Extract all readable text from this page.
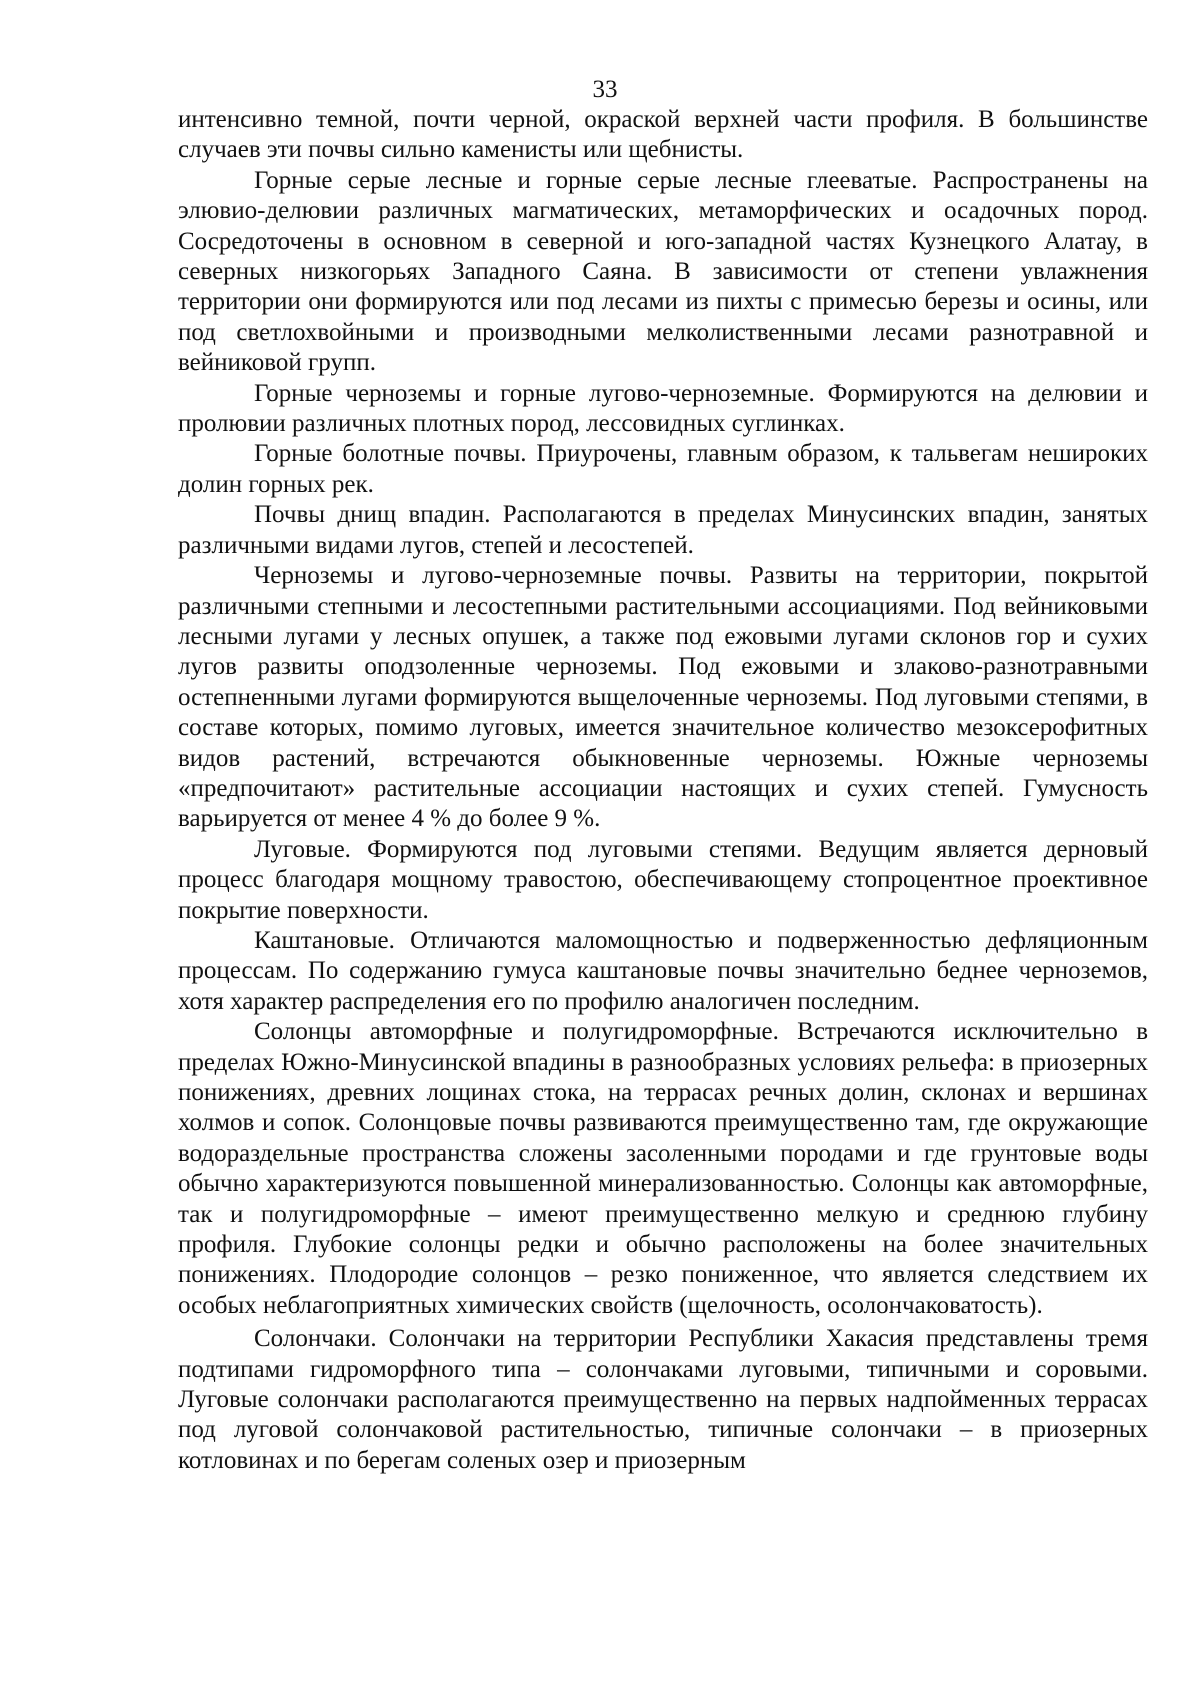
33

интенсивно темной, почти черной, окраской верхней части профиля. В большинстве случаев эти почвы сильно каменисты или щебнисты.

Горные серые лесные и горные серые лесные глееватые. Распространены на элювио-делювии различных магматических, метаморфических и осадочных пород. Сосредоточены в основном в северной и юго-западной частях Кузнецкого Алатау, в северных низкогорьях Западного Саяна. В зависимости от степени увлажнения территории они формируются или под лесами из пихты с примесью березы и осины, или под светлохвойными и производными мелколиственными лесами разнотравной и вейниковой групп.

Горные черноземы и горные лугово-черноземные. Формируются на делювии и пролювии различных плотных пород, лессовидных суглинках.

Горные болотные почвы. Приурочены, главным образом, к тальвегам неширoких долин горных рек.

Почвы днищ впадин. Располагаются в пределах Минусинских впадин, занятых различными видами лугов, степей и лесостепей.

Черноземы и лугово-черноземные почвы. Развиты на территории, покрытой различными степными и лесостепными растительными ассоциациями. Под вейниковыми лесными лугами у лесных опушек, а также под ежовыми лугами склонов гор и сухих лугов развиты оподзоленные черноземы. Под ежовыми и злаково-разнотравными остепненными лугами формируются выщелоченные черноземы. Под луговыми степями, в составе которых, помимо луговых, имеется значительное количество мезоксерофитных видов растений, встречаются обыкновенные черноземы. Южные черноземы «предпочитают» растительные ассоциации настоящих и сухих степей. Гумусность варьируется от менее 4 % до более 9 %.

Луговые. Формируются под луговыми степями. Ведущим является дерновый процесс благодаря мощному травостою, обеспечивающему стопроцентное проективное покрытие поверхности.

Каштановые. Отличаются маломощностью и подверженностью дефляционным процессам. По содержанию гумуса каштановые почвы значительно беднее черноземов, хотя характер распределения его по профилю аналогичен последним.

Солонцы автоморфные и полугидроморфные. Встречаются исключительно в пределах Южно-Минусинской впадины в разнообразных условиях рельефа: в приозерных понижениях, древних лощинах стока, на террасах речных долин, склонах и вершинах холмов и сопок. Солонцовые почвы развиваются преимущественно там, где окружающие водораздельные пространства сложены засоленными породами и где грунтовые воды обычно характеризуются повышенной минерализованностью. Солонцы как автоморфные, так и полугидроморфные – имеют преимущественно мелкую и среднюю глубину профиля. Глубокие солонцы редки и обычно расположены на более значительных понижениях. Плодородие солонцов – резко пониженное, что является следствием их особых неблагоприятных химических свойств (щелочность, осолончаковатость).

Солончаки. Солончаки на территории Республики Хакасия представлены тремя подтипами гидроморфного типа – солончаками луговыми, типичными и соровыми. Луговые солончаки располагаются преимущественно на первых надпойменных террасах под луговой солончаковой растительностью, типичные солончаки – в приозерных котловинах и по берегам соленых озер и приозерным
